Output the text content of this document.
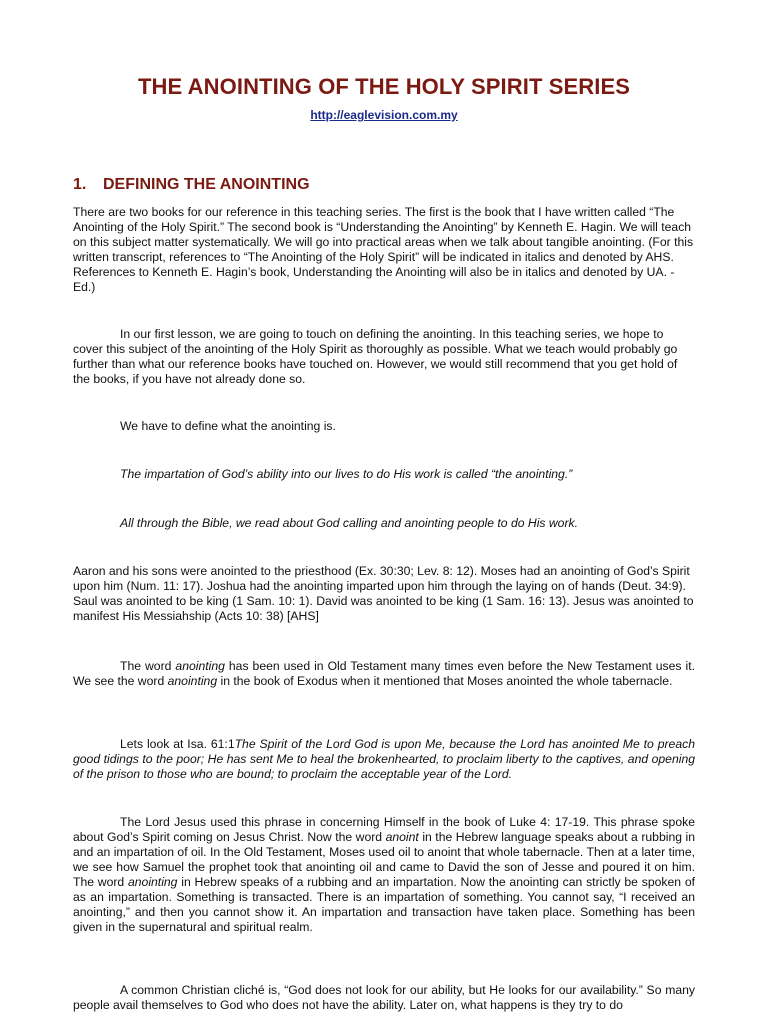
THE ANOINTING OF THE HOLY SPIRIT SERIES
http://eaglevision.com.my
1. DEFINING THE ANOINTING

There are two books for our reference in this teaching series. The first is the book that I have written called “The Anointing of the Holy Spirit.” The second book is “Understanding the Anointing” by Kenneth E. Hagin. We will teach on this subject matter systematically. We will go into practical areas when we talk about tangible anointing. (For this written transcript, references to “The Anointing of the Holy Spirit” will be indicated in italics and denoted by AHS. References to Kenneth E. Hagin’s book, Understanding the Anointing will also be in italics and denoted by UA. - Ed.)

In our first lesson, we are going to touch on defining the anointing. In this teaching series, we hope to cover this subject of the anointing of the Holy Spirit as thoroughly as possible. What we teach would probably go further than what our reference books have touched on. However, we would still recommend that you get hold of the books, if you have not already done so.

We have to define what the anointing is.

The impartation of God’s ability into our lives to do His work is called “the anointing.”

All through the Bible, we read about God calling and anointing people to do His work.

Aaron and his sons were anointed to the priesthood (Ex. 30:30; Lev. 8: 12). Moses had an anointing of God’s Spirit upon him (Num. 11: 17). Joshua had the anointing imparted upon him through the laying on of hands (Deut. 34:9). Saul was anointed to be king (1 Sam. 10: 1). David was anointed to be king (1 Sam. 16: 13). Jesus was anointed to manifest His Messiahship (Acts 10: 38) [AHS]

The word anointing has been used in Old Testament many times even before the New Testament uses it. We see the word anointing in the book of Exodus when it mentioned that Moses anointed the whole tabernacle.

Lets look at Isa. 61:1The Spirit of the Lord God is upon Me, because the Lord has anointed Me to preach good tidings to the poor; He has sent Me to heal the brokenhearted, to proclaim liberty to the captives, and opening of the prison to those who are bound; to proclaim the acceptable year of the Lord.

The Lord Jesus used this phrase in concerning Himself in the book of Luke 4: 17-19. This phrase spoke about God’s Spirit coming on Jesus Christ. Now the word anoint in the Hebrew language speaks about a rubbing in and an impartation of oil. In the Old Testament, Moses used oil to anoint that whole tabernacle. Then at a later time, we see how Samuel the prophet took that anointing oil and came to David the son of Jesse and poured it on him. The word anointing in Hebrew speaks of a rubbing and an impartation. Now the anointing can strictly be spoken of as an impartation. Something is transacted. There is an impartation of something. You cannot say, “I received an anointing,” and then you cannot show it. An impartation and transaction have taken place. Something has been given in the supernatural and spiritual realm.

A common Christian cliché is, “God does not look for our ability, but He looks for our availability.” So many people avail themselves to God who does not have the ability. Later on, what happens is they try to do
